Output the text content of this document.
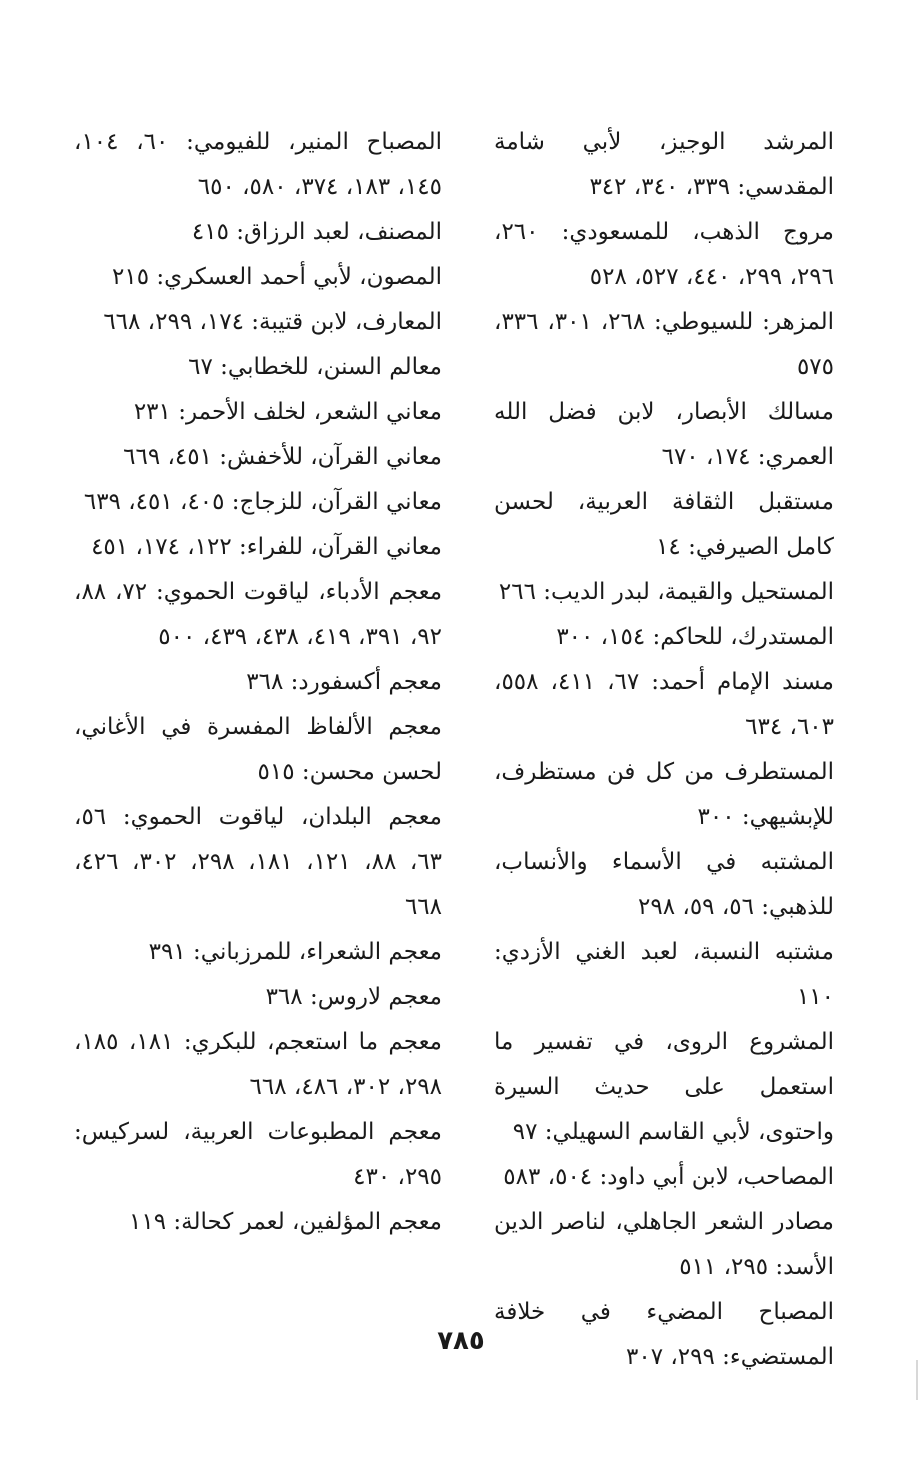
المرشد الوجيز، لأبي شامة المقدسي: ٣٣٩، ٣٤٠، ٣٤٢

مروج الذهب، للمسعودي: ٢٦٠، ٢٩٦، ٢٩٩، ٤٤٠، ٥٢٧، ٥٢٨

المزهر: للسيوطي: ٢٦٨، ٣٠١، ٣٣٦، ٥٧٥

مسالك الأبصار، لابن فضل الله العمري: ١٧٤، ٦٧٠

مستقبل الثقافة العربية، لحسن كامل الصيرفي: ١٤

المستحيل والقيمة، لبدر الديب: ٢٦٦

المستدرك، للحاكم: ١٥٤، ٣٠٠

مسند الإمام أحمد: ٦٧، ٤١١، ٥٥٨، ٦٠٣، ٦٣٤

المستطرف من كل فن مستظرف، للإبشيهي: ٣٠٠

المشتبه في الأسماء والأنساب، للذهبي: ٥٦، ٥٩، ٢٩٨

مشتبه النسبة، لعبد الغني الأزدي: ١١٠

المشروع الروى، في تفسير ما استعمل على حديث السيرة واحتوى، لأبي القاسم السهيلي: ٩٧

المصاحب، لابن أبي داود: ٥٠٤، ٥٨٣

مصادر الشعر الجاهلي، لناصر الدين الأسد: ٢٩٥، ٥١١

المصباح المضيء في خلافة المستضيء: ٢٩٩، ٣٠٧

المصباح المنير، للفيومي: ٦٠، ١٠٤، ١٤٥، ١٨٣، ٣٧٤، ٥٨٠، ٦٥٠

المصنف، لعبد الرزاق: ٤١٥

المصون، لأبي أحمد العسكري: ٢١٥

المعارف، لابن قتيبة: ١٧٤، ٢٩٩، ٦٦٨

معالم السنن، للخطابي: ٦٧

معاني الشعر، لخلف الأحمر: ٢٣١

معاني القرآن، للأخفش: ٤٥١، ٦٦٩

معاني القرآن، للزجاج: ٤٠٥، ٤٥١، ٦٣٩

معاني القرآن، للفراء: ١٢٢، ١٧٤، ٤٥١

معجم الأدباء، لياقوت الحموي: ٧٢، ٨٨، ٩٢، ٣٩١، ٤١٩، ٤٣٨، ٤٣٩، ٥٠٠

معجم أكسفورد: ٣٦٨

معجم الألفاظ المفسرة في الأغاني، لحسن محسن: ٥١٥

معجم البلدان، لياقوت الحموي: ٥٦، ٦٣، ٨٨، ١٢١، ١٨١، ٢٩٨، ٣٠٢، ٤٢٦، ٦٦٨

معجم الشعراء، للمرزباني: ٣٩١

معجم لاروس: ٣٦٨

معجم ما استعجم، للبكري: ١٨١، ١٨٥، ٢٩٨، ٣٠٢، ٤٨٦، ٦٦٨

معجم المطبوعات العربية، لسركيس: ٢٩٥، ٤٣٠

معجم المؤلفين، لعمر كحالة: ١١٩

٧٨٥
